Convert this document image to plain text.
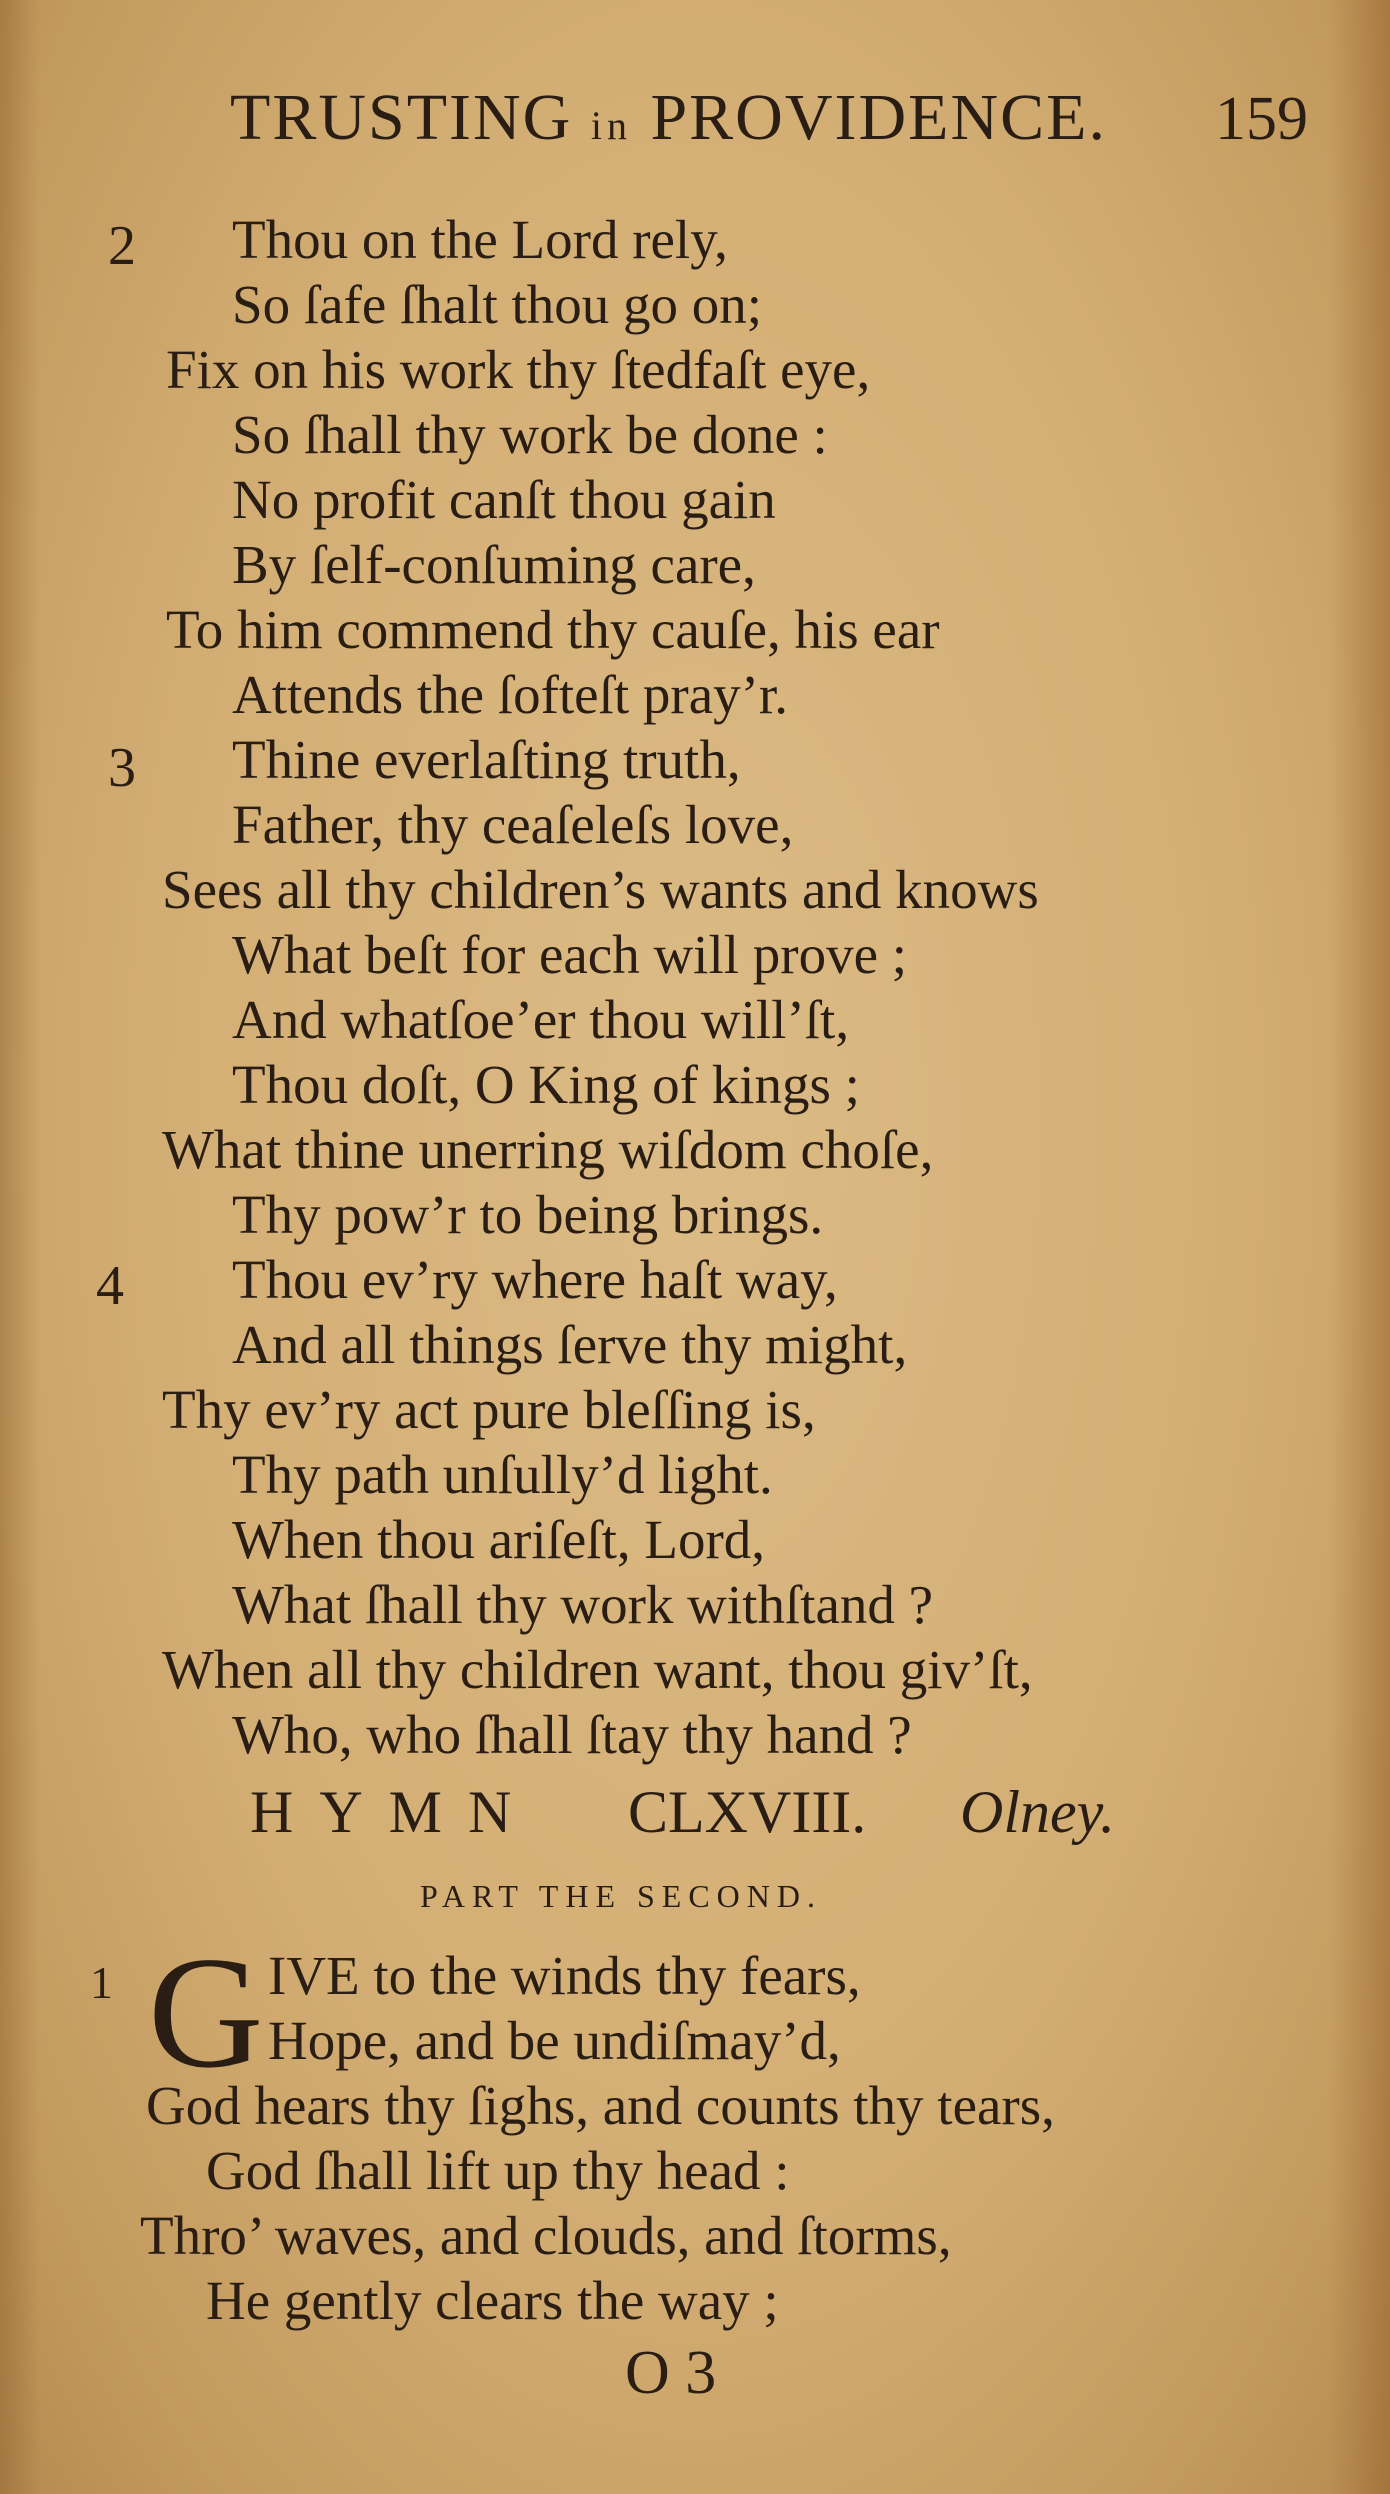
TRUSTING in PROVIDENCE. 159
2 Thou on the Lord rely,
So ſafe ſhalt thou go on;
Fix on his work thy ſtedfaſt eye,
So ſhall thy work be done :
No profit canſt thou gain
By ſelf-conſuming care,
To him commend thy cauſe, his ear
Attends the ſofteſt pray’r.
3 Thine everlaſting truth,
Father, thy ceaſeleſs love,
Sees all thy children’s wants and knows
What beſt for each will prove ;
And whatſoe’er thou will’ſt,
Thou doſt, O King of kings ;
What thine unerring wiſdom choſe,
Thy pow’r to being brings.
4 Thou ev’ry where haſt way,
And all things ſerve thy might,
Thy ev’ry act pure bleſſing is,
Thy path unſully’d light.
When thou ariſeſt, Lord,
What ſhall thy work withſtand ?
When all thy children want, thou giv’ſt,
Who, who ſhall ſtay thy hand ?
HYMN CLXVIII. Olney.
PART THE SECOND.
1 G IVE to the winds thy fears,
Hope, and be undiſmay’d,
God hears thy ſighs, and counts thy tears,
God ſhall lift up thy head :
Thro’ waves, and clouds, and ſtorms,
He gently clears the way ;
O 3
